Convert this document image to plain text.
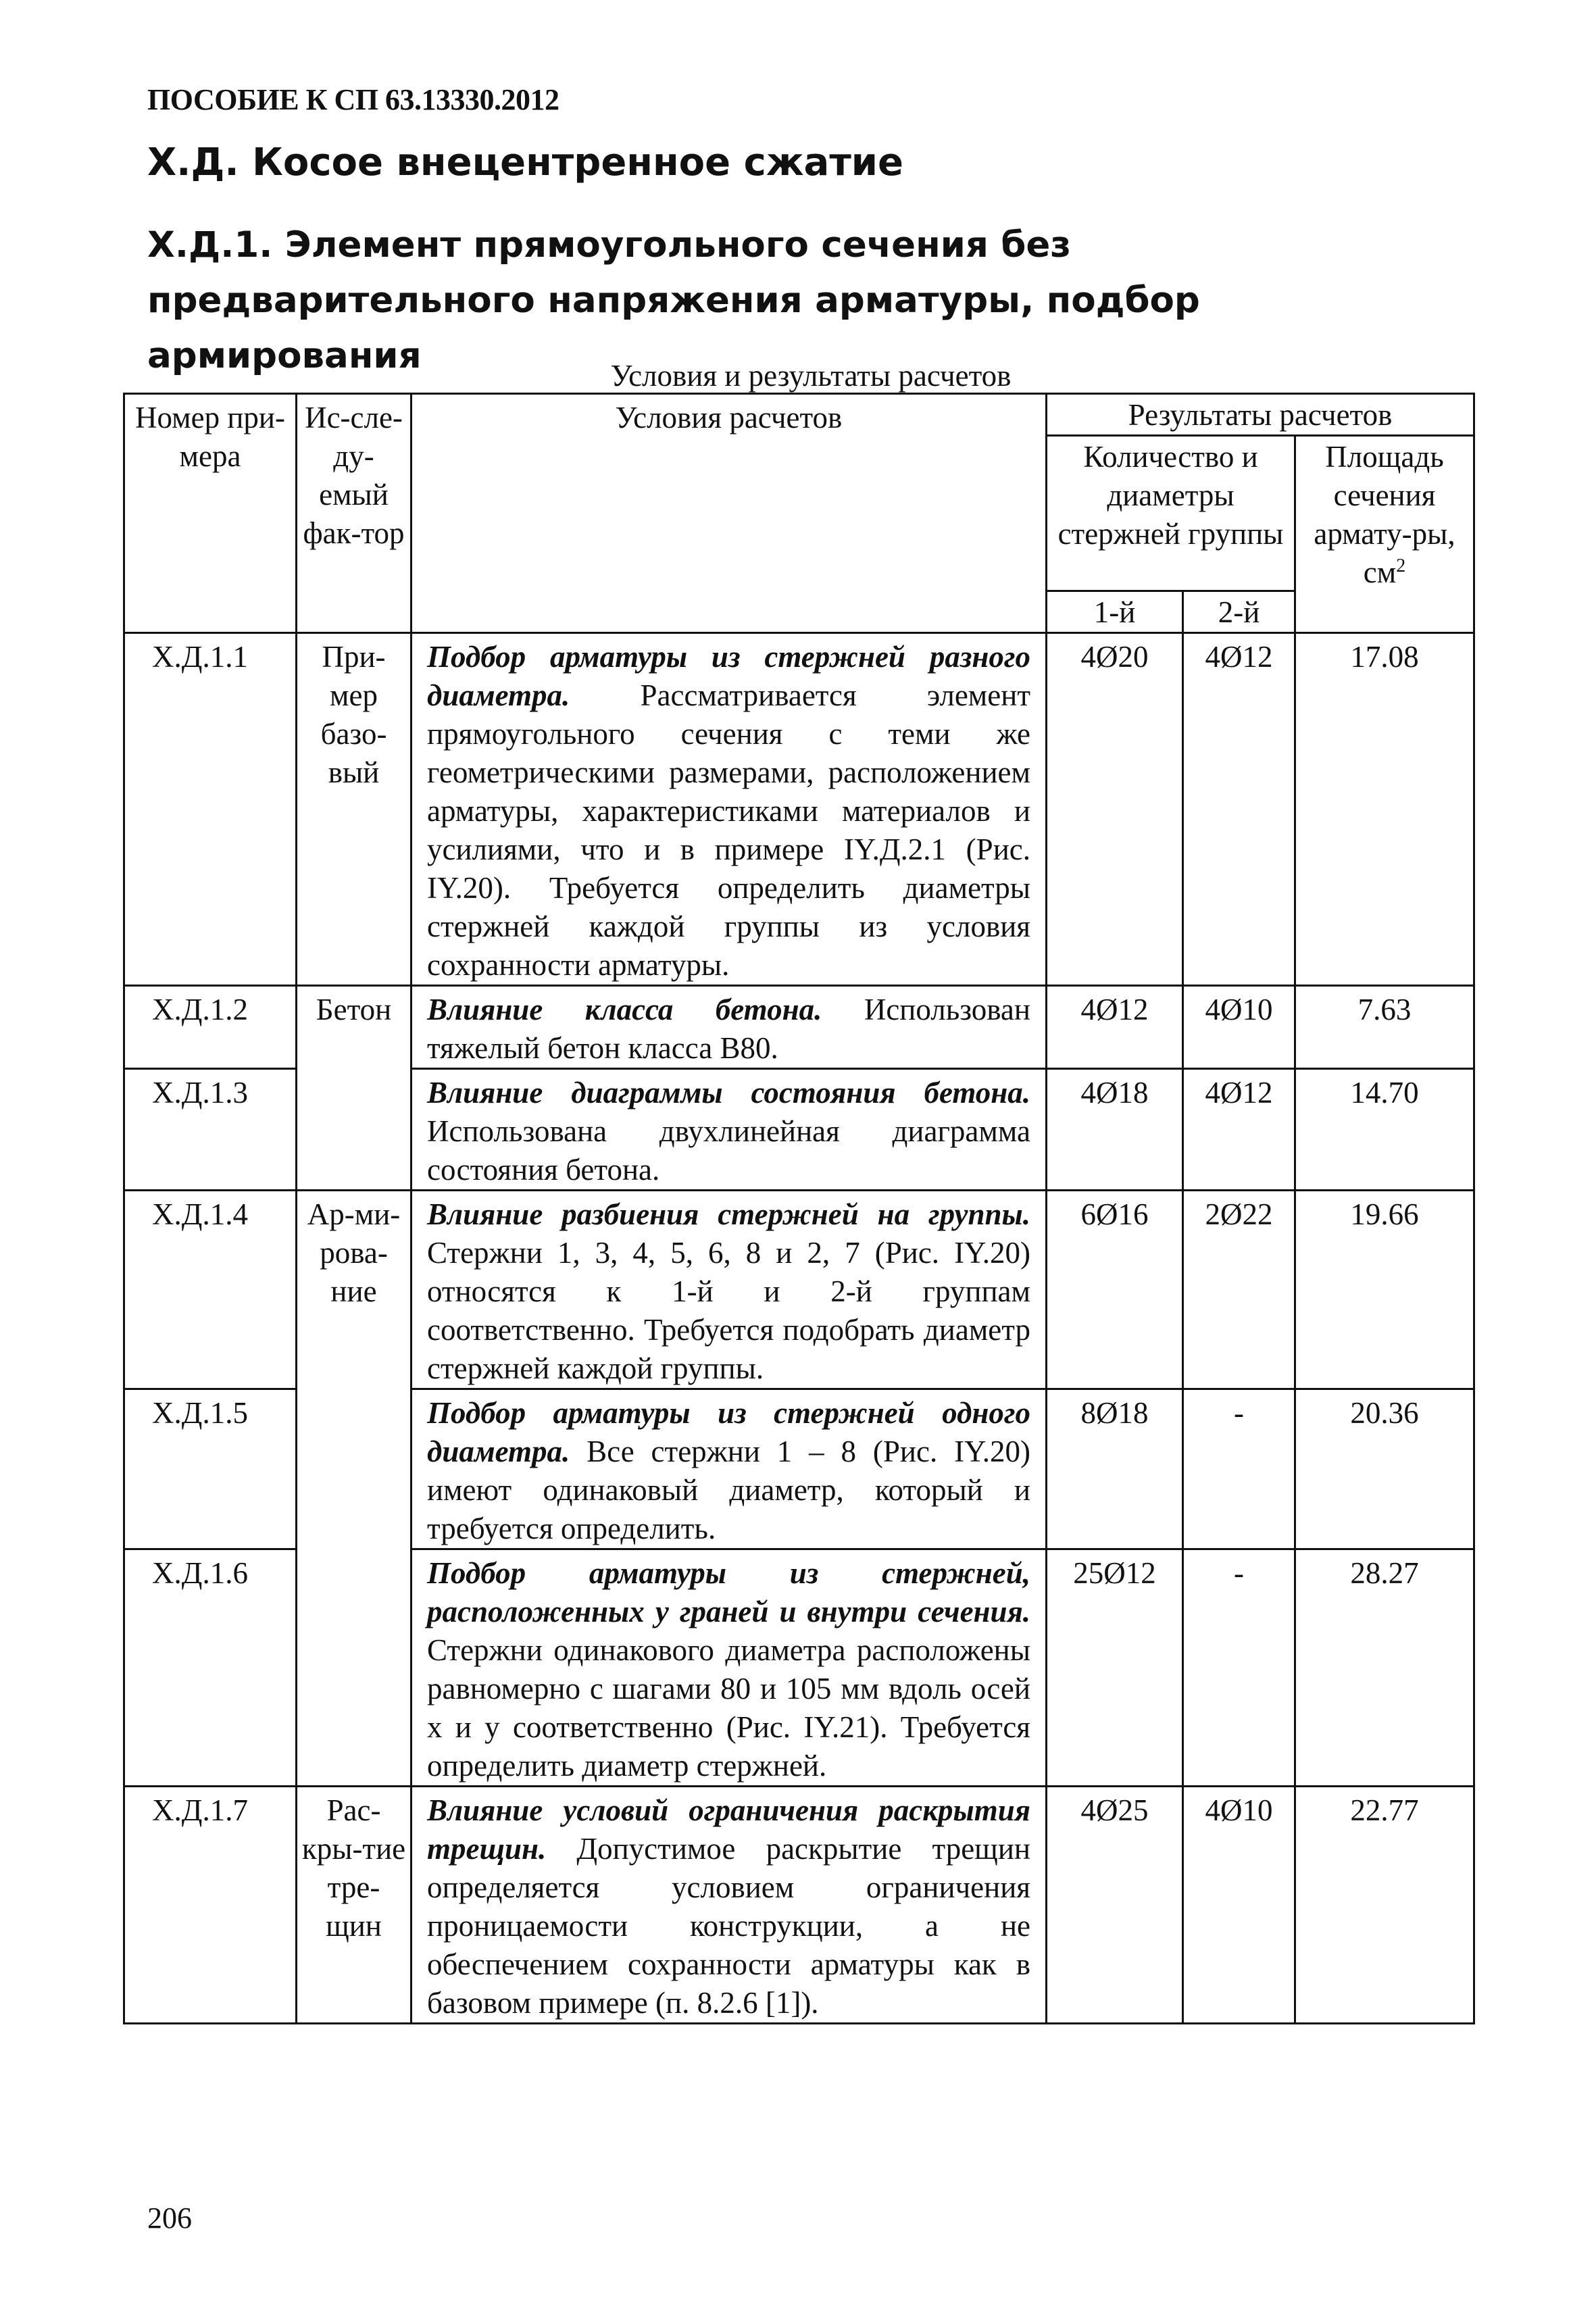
ПОСОБИЕ К СП 63.13330.2012
Х.Д. Косое внецентренное сжатие
Х.Д.1. Элемент прямоугольного сечения без предварительного напряжения арматуры, подбор армирования	Условия и результаты расчетов
Номер при-мера	Ис-сле-ду-емый фак-тор	Условия расчетов	Результаты расчетов		
			Количество и диаметры стержней группы		Площадь сечения армату-ры, $см^2$
			1-й	2-й	
Х.Д.1.1	При-мер базо-вый	Подбор арматуры из стержней разного диаметра. Рассматривается элемент прямоугольного сечения с теми же геометрическими размерами, расположением арматуры, характеристиками материалов и усилиями, что и в примере IY.Д.2.1 (Рис. IY.20). Требуется определить диаметры стержней каждой группы из условия сохранности арматуры.	4Ø20	4Ø12	17.08
Х.Д.1.2	Бетон	Влияние класса бетона. Использован тяжелый бетон класса В80.	4Ø12	4Ø10	7.63
Х.Д.1.3		Влияние диаграммы состояния бетона. Использована двухлинейная диаграмма состояния бетона.	4Ø18	4Ø12	14.70
Х.Д.1.4	Ар-ми-рова-ние	Влияние разбиения стержней на группы. Стержни 1, 3, 4, 5, 6, 8 и 2, 7 (Рис. IY.20) относятся к 1-й и 2-й группам соответственно. Требуется подобрать диаметр стержней каждой группы.	6Ø16	2Ø22	19.66
Х.Д.1.5		Подбор арматуры из стержней одного диаметра. Все стержни 1 – 8 (Рис. IY.20) имеют одинаковый диаметр, который и требуется определить.	8Ø18	-	20.36
Х.Д.1.6		Подбор арматуры из стержней, расположенных у граней и внутри сечения. Стержни одинакового диаметра расположены равномерно с шагами 80 и 105 мм вдоль осей x и y соответственно (Рис. IY.21). Требуется определить диаметр стержней.	25Ø12	-	28.27
Х.Д.1.7	Рас-кры-тие тре-щин	Влияние условий ограничения раскрытия трещин. Допустимое раскрытие трещин определяется условием ограничения проницаемости конструкции, а не обеспечением сохранности арматуры как в базовом примере (п. 8.2.6 [1]).	4Ø25	4Ø10	22.77
206
